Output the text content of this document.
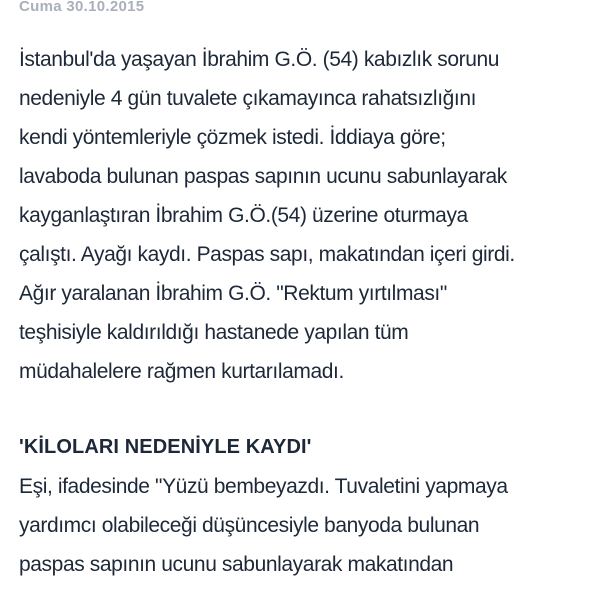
Cuma 30.10.2015

İstanbul'da yaşayan İbrahim G.Ö. (54) kabızlık sorunu
nedeniyle 4 gün tuvalete çıkamayınca rahatsızlığını
kendi yöntemleriyle çözmek istedi. İddiaya göre;
lavaboda bulunan paspas sapının ucunu sabunlayarak
kayganlaştıran İbrahim G.Ö.(54) üzerine oturmaya
çalıştı. Ayağı kaydı. Paspas sapı, makatından içeri girdi.
Ağır yaralanan İbrahim G.Ö. "Rektum yırtılması"
teşhisiyle kaldırıldığı hastanede yapılan tüm
müdahalelere rağmen kurtarılamadı.

'KİLOLARI NEDENİYLE KAYDI'

Eşi, ifadesinde "Yüzü bembeyazdı. Tuvaletini yapmaya
yardımcı olabileceği düşüncesiyle banyoda bulunan
paspas sapının ucunu sabunlayarak makatından
